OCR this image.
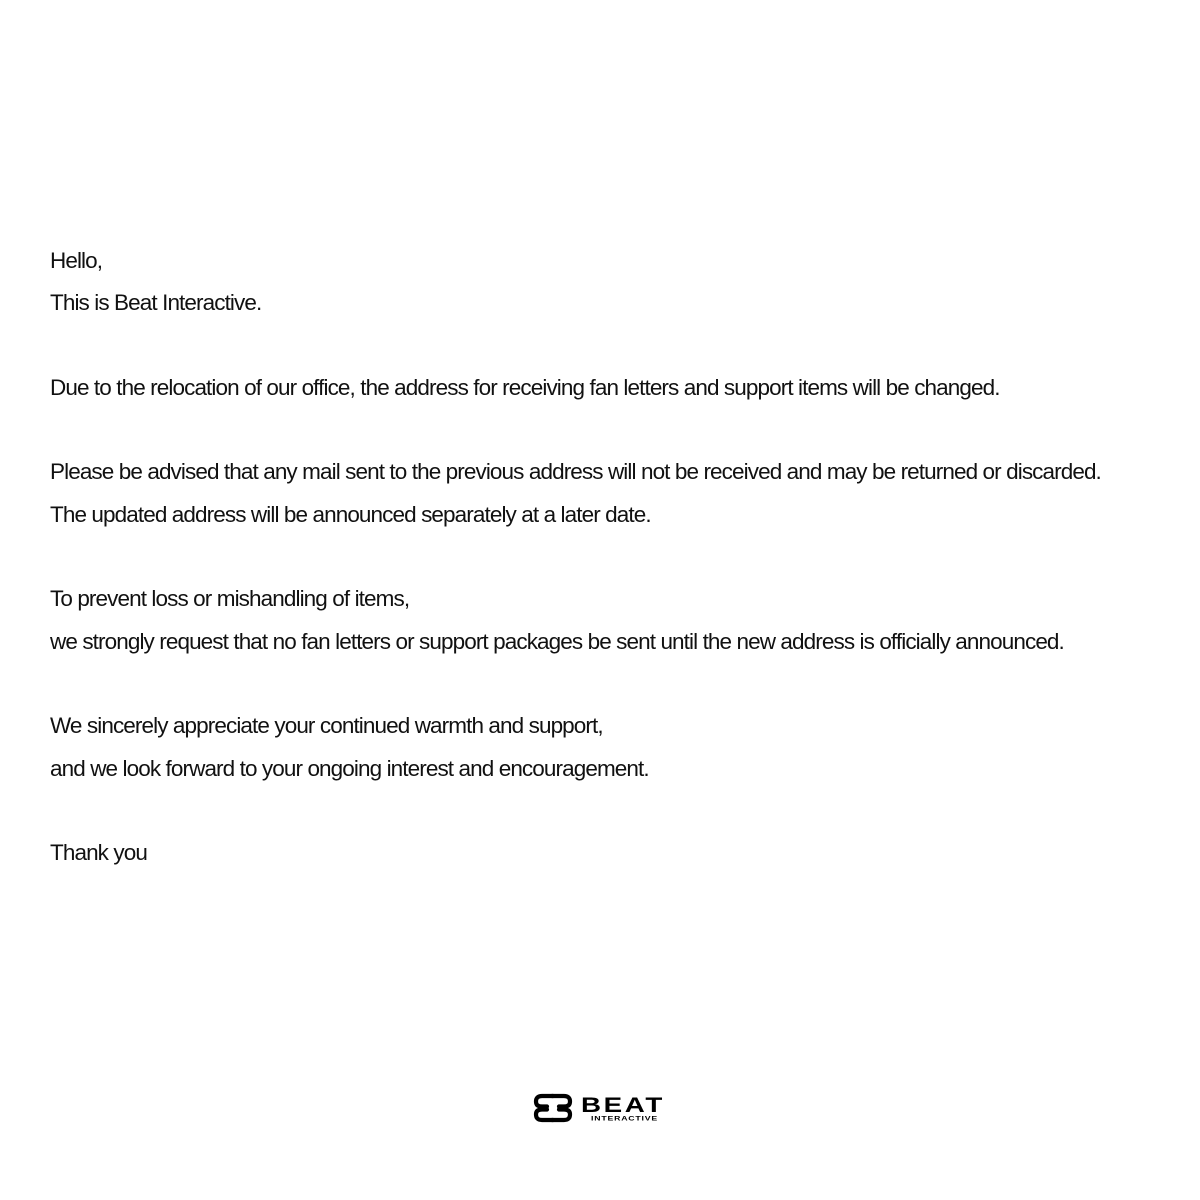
Hello,
This is Beat Interactive.
Due to the relocation of our office, the address for receiving fan letters and support items will be changed.
Please be advised that any mail sent to the previous address will not be received and may be returned or discarded.
The updated address will be announced separately at a later date.
To prevent loss or mishandling of items,
we strongly request that no fan letters or support packages be sent until the new address is officially announced.
We sincerely appreciate your continued warmth and support,
and we look forward to your ongoing interest and encouragement.
Thank you
BEAT
INTERACTIVE
